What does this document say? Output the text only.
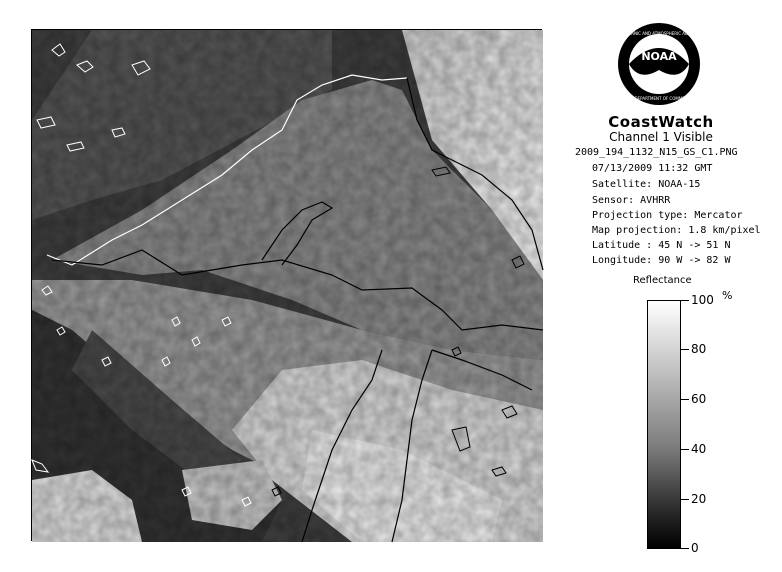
NOAA
NATIONAL OCEANIC AND ATMOSPHERIC ADMINISTRATION
U.S. DEPARTMENT OF COMMERCE
CoastWatch
Channel 1 Visible
2009_194_1132_N15_GS_C1.PNG
07/13/2009 11:32 GMT
Satellite: NOAA-15
Sensor: AVHRR
Projection type: Mercator
Map projection: 1.8 km/pixel
Latitude : 45 N -> 51 N
Longitude: 90 W -> 82 W
Reflectance
100
80
60
40
20
0
%
